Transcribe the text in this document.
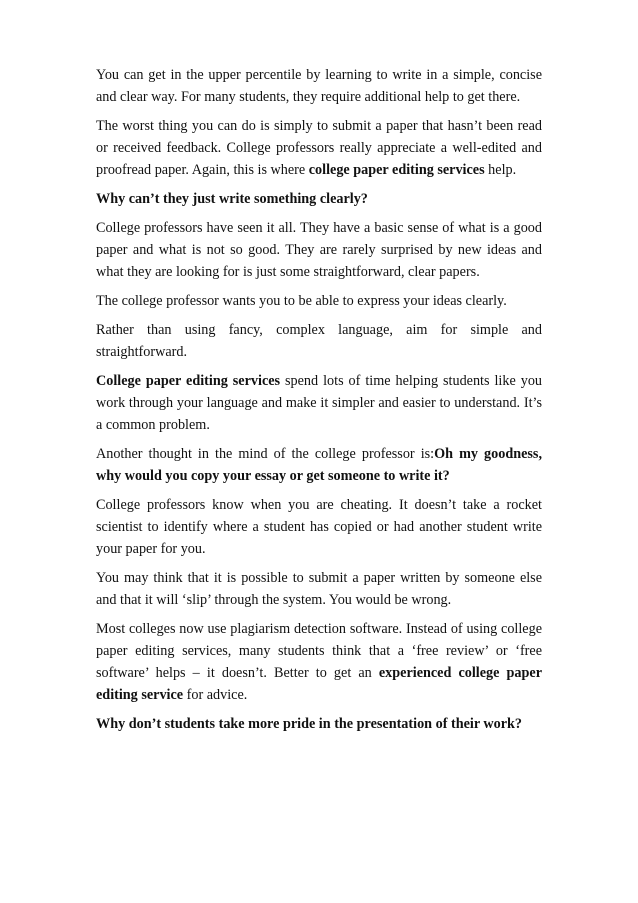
You can get in the upper percentile by learning to write in a simple, concise and clear way. For many students, they require additional help to get there.

The worst thing you can do is simply to submit a paper that hasn’t been read or received feedback. College professors really appreciate a well-edited and proofread paper. Again, this is where college paper editing services help.

Why can’t they just write something clearly?

College professors have seen it all. They have a basic sense of what is a good paper and what is not so good. They are rarely surprised by new ideas and what they are looking for is just some straightforward, clear papers.

The college professor wants you to be able to express your ideas clearly.

Rather than using fancy, complex language, aim for simple and straightforward.

College paper editing services spend lots of time helping students like you work through your language and make it simpler and easier to understand. It’s a common problem.

Another thought in the mind of the college professor is:Oh my goodness, why would you copy your essay or get someone to write it?

College professors know when you are cheating. It doesn’t take a rocket scientist to identify where a student has copied or had another student write your paper for you.

You may think that it is possible to submit a paper written by someone else and that it will ‘slip’ through the system. You would be wrong.

Most colleges now use plagiarism detection software. Instead of using college paper editing services, many students think that a ‘free review’ or ‘free software’ helps – it doesn’t. Better to get an experienced college paper editing service for advice.

Why don’t students take more pride in the presentation of their work?
